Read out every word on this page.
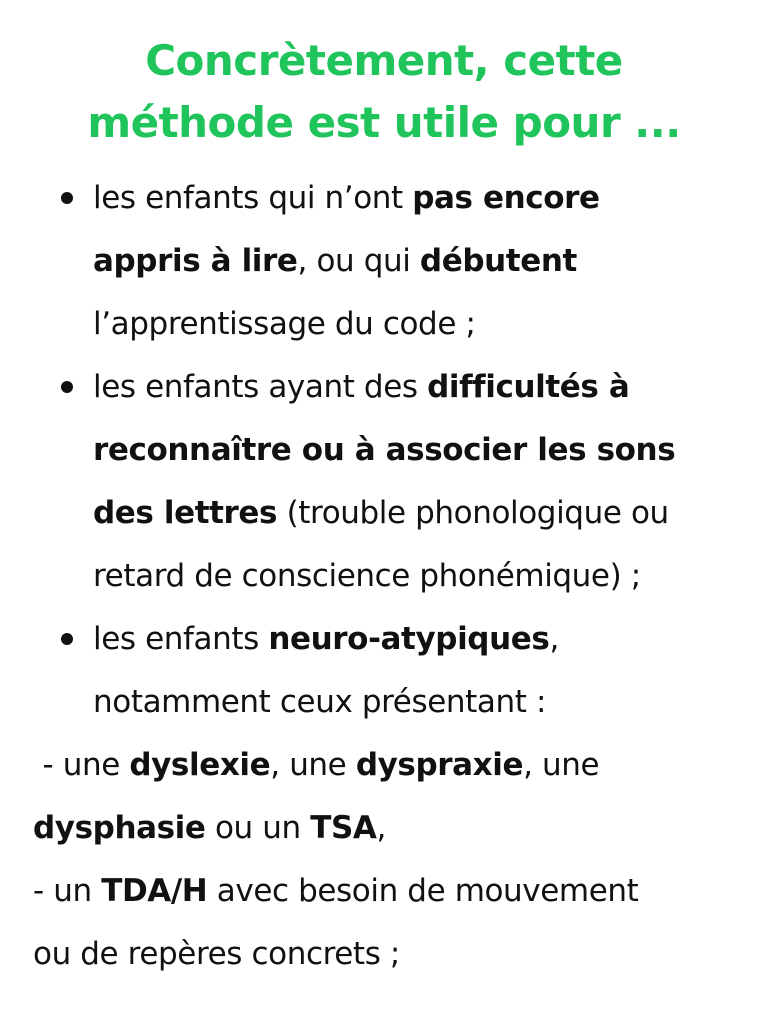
Concrètement, cette
méthode est utile pour ...
les enfants qui n’ont pas encore
appris à lire, ou qui débutent
l’apprentissage du code ;
les enfants ayant des difficultés à
reconnaître ou à associer les sons
des lettres (trouble phonologique ou
retard de conscience phonémique) ;
les enfants neuro-atypiques,
notamment ceux présentant :
- une dyslexie, une dyspraxie, une
dysphasie ou un TSA,
- un TDA/H avec besoin de mouvement
ou de repères concrets ;
